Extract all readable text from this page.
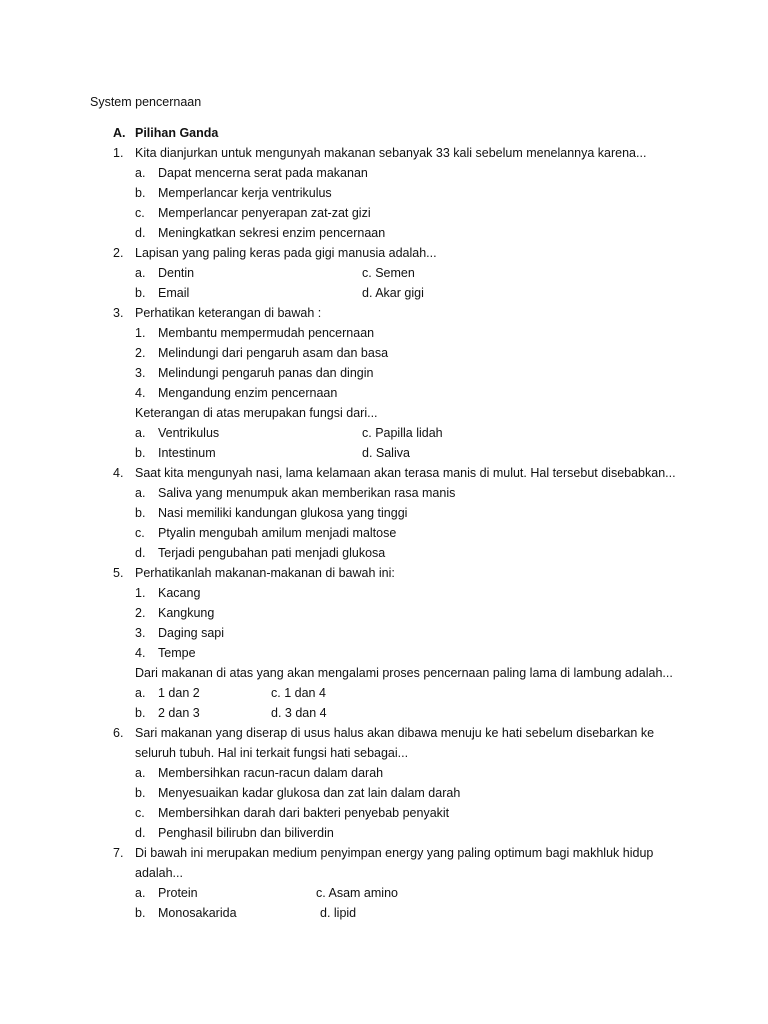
System pencernaan
A. Pilihan Ganda
1. Kita dianjurkan untuk mengunyah makanan sebanyak 33 kali sebelum menelannya karena...
a. Dapat mencerna serat pada makanan
b. Memperlancar kerja ventrikulus
c. Memperlancar penyerapan zat-zat gizi
d. Meningkatkan sekresi enzim pencernaan
2. Lapisan yang paling keras pada gigi manusia adalah...
a. Dentin	c. Semen
b. Email	d. Akar gigi
3. Perhatikan keterangan di bawah :
1. Membantu mempermudah pencernaan
2. Melindungi dari pengaruh asam dan basa
3. Melindungi pengaruh panas dan dingin
4. Mengandung enzim pencernaan
Keterangan di atas merupakan fungsi dari...
a. Ventrikulus	c. Papilla lidah
b. Intestinum	d. Saliva
4. Saat kita mengunyah nasi, lama kelamaan akan terasa manis di mulut. Hal tersebut disebabkan...
a. Saliva yang menumpuk akan memberikan rasa manis
b. Nasi memiliki kandungan glukosa yang tinggi
c. Ptyalin mengubah amilum menjadi maltose
d. Terjadi pengubahan pati menjadi glukosa
5. Perhatikanlah makanan-makanan di bawah ini:
1. Kacang
2. Kangkung
3. Daging sapi
4. Tempe
Dari makanan di atas yang akan mengalami proses pencernaan paling lama di lambung adalah...
a. 1 dan 2	c. 1 dan 4
b. 2 dan 3	d. 3 dan 4
6. Sari makanan yang diserap di usus halus akan dibawa menuju ke hati sebelum disebarkan ke
seluruh tubuh. Hal ini terkait fungsi hati sebagai...
a. Membersihkan racun-racun dalam darah
b. Menyesuaikan kadar glukosa dan zat lain dalam darah
c. Membersihkan darah dari bakteri penyebab penyakit
d. Penghasil bilirubn dan biliverdin
7. Di bawah ini merupakan medium penyimpan energy yang paling optimum bagi makhluk hidup
adalah...
a. Protein	c. Asam amino
b. Monosakarida	d. lipid
